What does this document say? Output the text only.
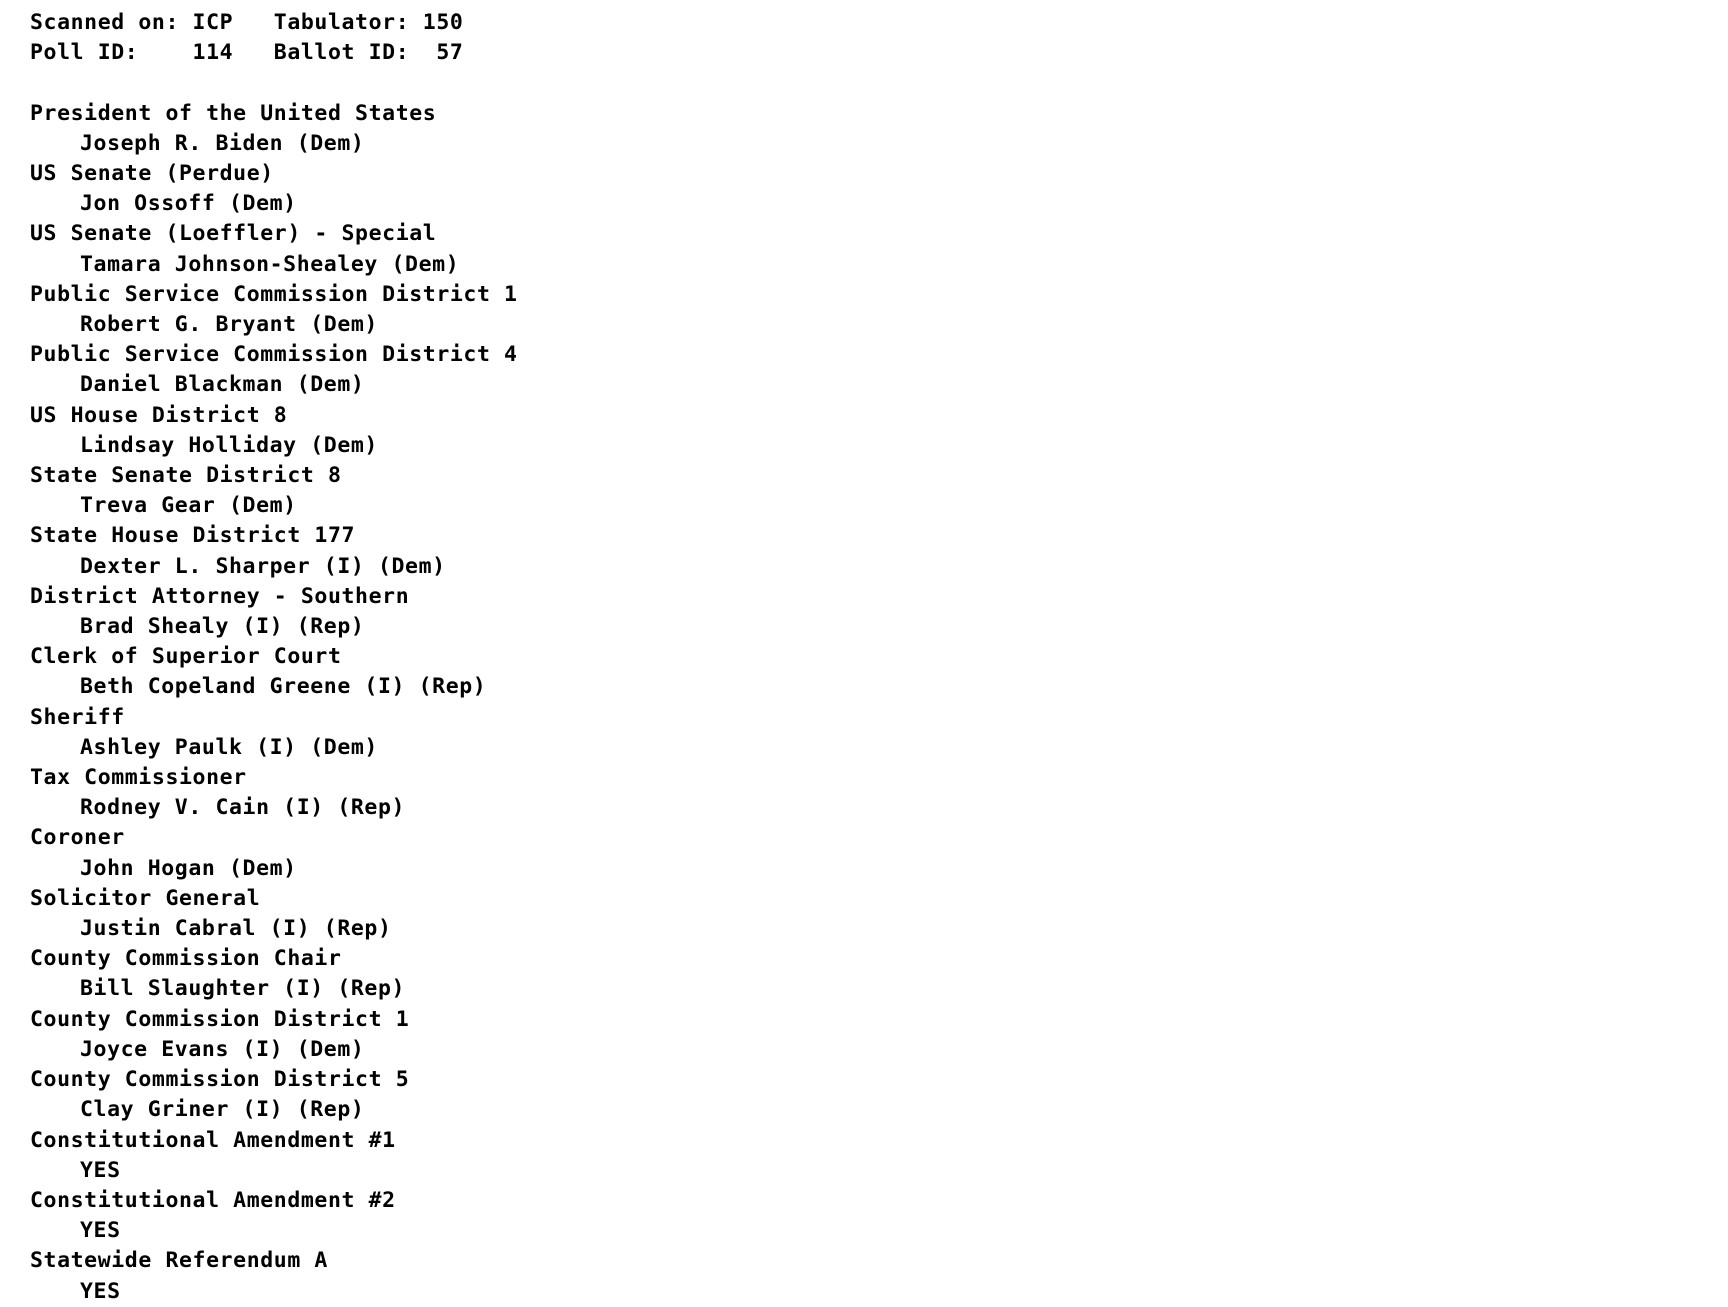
Scanned on: ICP   Tabulator: 150
Poll ID:    114   Ballot ID:  57
President of the United States
Joseph R. Biden (Dem)
US Senate (Perdue)
Jon Ossoff (Dem)
US Senate (Loeffler) - Special
Tamara Johnson-Shealey (Dem)
Public Service Commission District 1
Robert G. Bryant (Dem)
Public Service Commission District 4
Daniel Blackman (Dem)
US House District 8
Lindsay Holliday (Dem)
State Senate District 8
Treva Gear (Dem)
State House District 177
Dexter L. Sharper (I) (Dem)
District Attorney - Southern
Brad Shealy (I) (Rep)
Clerk of Superior Court
Beth Copeland Greene (I) (Rep)
Sheriff
Ashley Paulk (I) (Dem)
Tax Commissioner
Rodney V. Cain (I) (Rep)
Coroner
John Hogan (Dem)
Solicitor General
Justin Cabral (I) (Rep)
County Commission Chair
Bill Slaughter (I) (Rep)
County Commission District 1
Joyce Evans (I) (Dem)
County Commission District 5
Clay Griner (I) (Rep)
Constitutional Amendment #1
YES
Constitutional Amendment #2
YES
Statewide Referendum A
YES
